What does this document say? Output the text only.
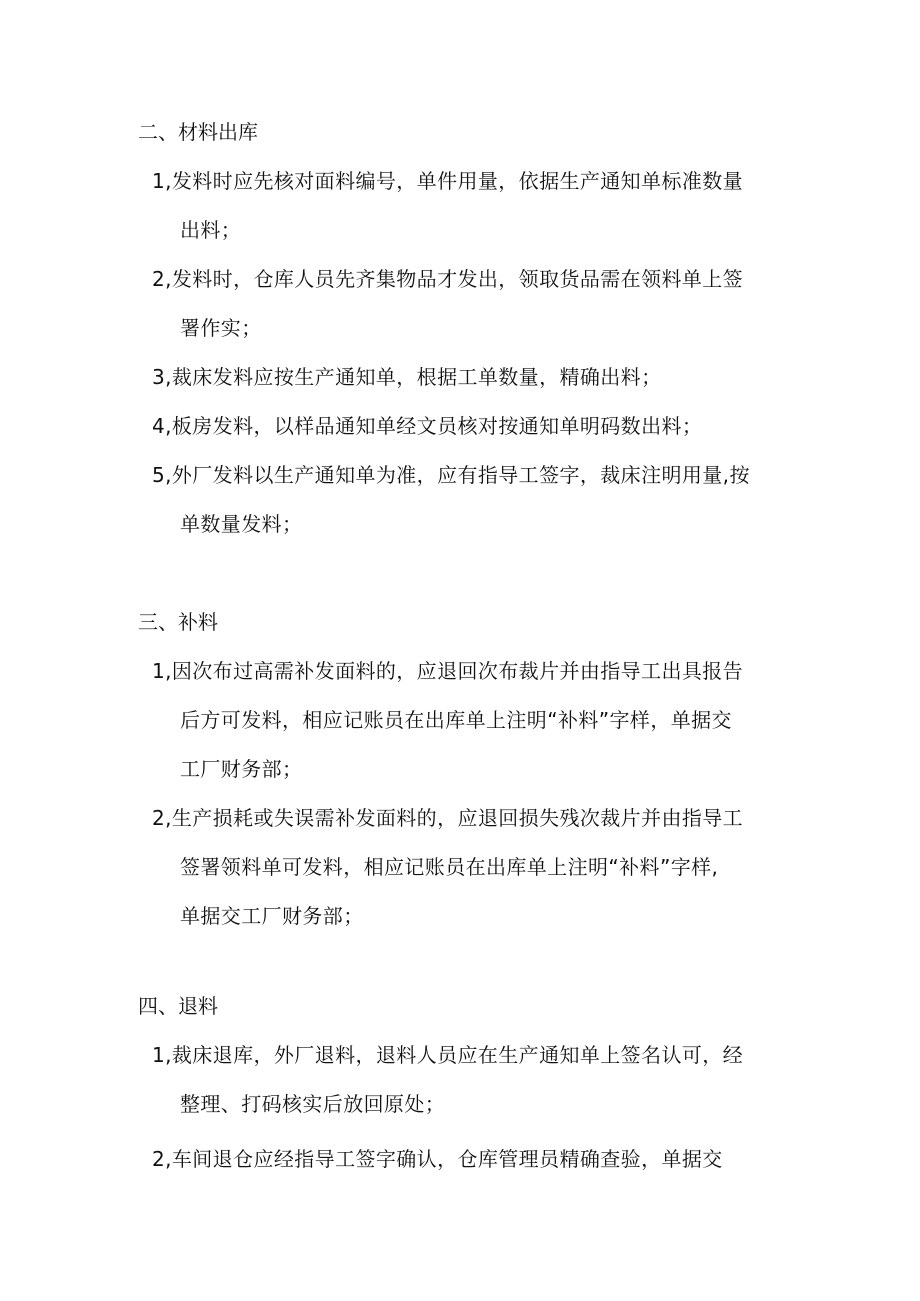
二、材料出库
1,发料时应先核对面料编号，单件用量，依据生产通知单标准数量
出料；
2,发料时，仓库人员先齐集物品才发出，领取货品需在领料单上签
署作实；
3,裁床发料应按生产通知单，根据工单数量，精确出料；
4,板房发料，以样品通知单经文员核对按通知单明码数出料；
5,外厂发料以生产通知单为准，应有指导工签字，裁床注明用量,按
单数量发料；
三、补料
1,因次布过高需补发面料的，应退回次布裁片并由指导工出具报告
后方可发料，相应记账员在出库单上注明“补料”字样，单据交
工厂财务部；
2,生产损耗或失误需补发面料的，应退回损失残次裁片并由指导工
签署领料单可发料，相应记账员在出库单上注明“补料”字样,
单据交工厂财务部；
四、退料
1,裁床退库，外厂退料，退料人员应在生产通知单上签名认可，经
整理、打码核实后放回原处；
2,车间退仓应经指导工签字确认，仓库管理员精确查验，单据交
